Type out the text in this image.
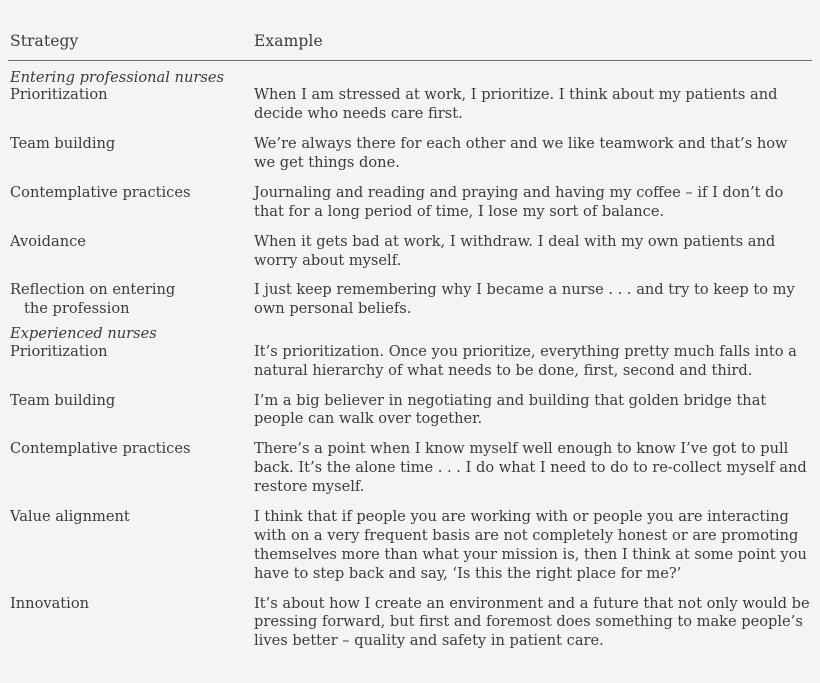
Strategy	Example
Entering professional nurses	
Prioritization	When I am stressed at work, I prioritize. I think about my patients and decide who needs care first.
Team building	We’re always there for each other and we like teamwork and that’s how we get things done.
Contemplative practices	Journaling and reading and praying and having my coffee – if I don’t do that for a long period of time, I lose my sort of balance.
Avoidance	When it gets bad at work, I withdraw. I deal with my own patients and worry about myself.

Reflection on entering
the profession	I just keep remembering why I became a nurse . . . and try to keep to my own personal beliefs.
Experienced nurses	
Prioritization	It’s prioritization. Once you prioritize, everything pretty much falls into a natural hierarchy of what needs to be done, first, second and third.
Team building	I’m a big believer in negotiating and building that golden bridge that people can walk over together.
Contemplative practices	There’s a point when I know myself well enough to know I’ve got to pull back. It’s the alone time . . . I do what I need to do to re-collect myself and restore myself.
Value alignment	I think that if people you are working with or people you are interacting with on a very frequent basis are not completely honest or are promoting themselves more than what your mission is, then I think at some point you have to step back and say, ‘Is this the right place for me?’
Innovation	It’s about how I create an environment and a future that not only would be pressing forward, but first and foremost does something to make people’s lives better – quality and safety in patient care.
